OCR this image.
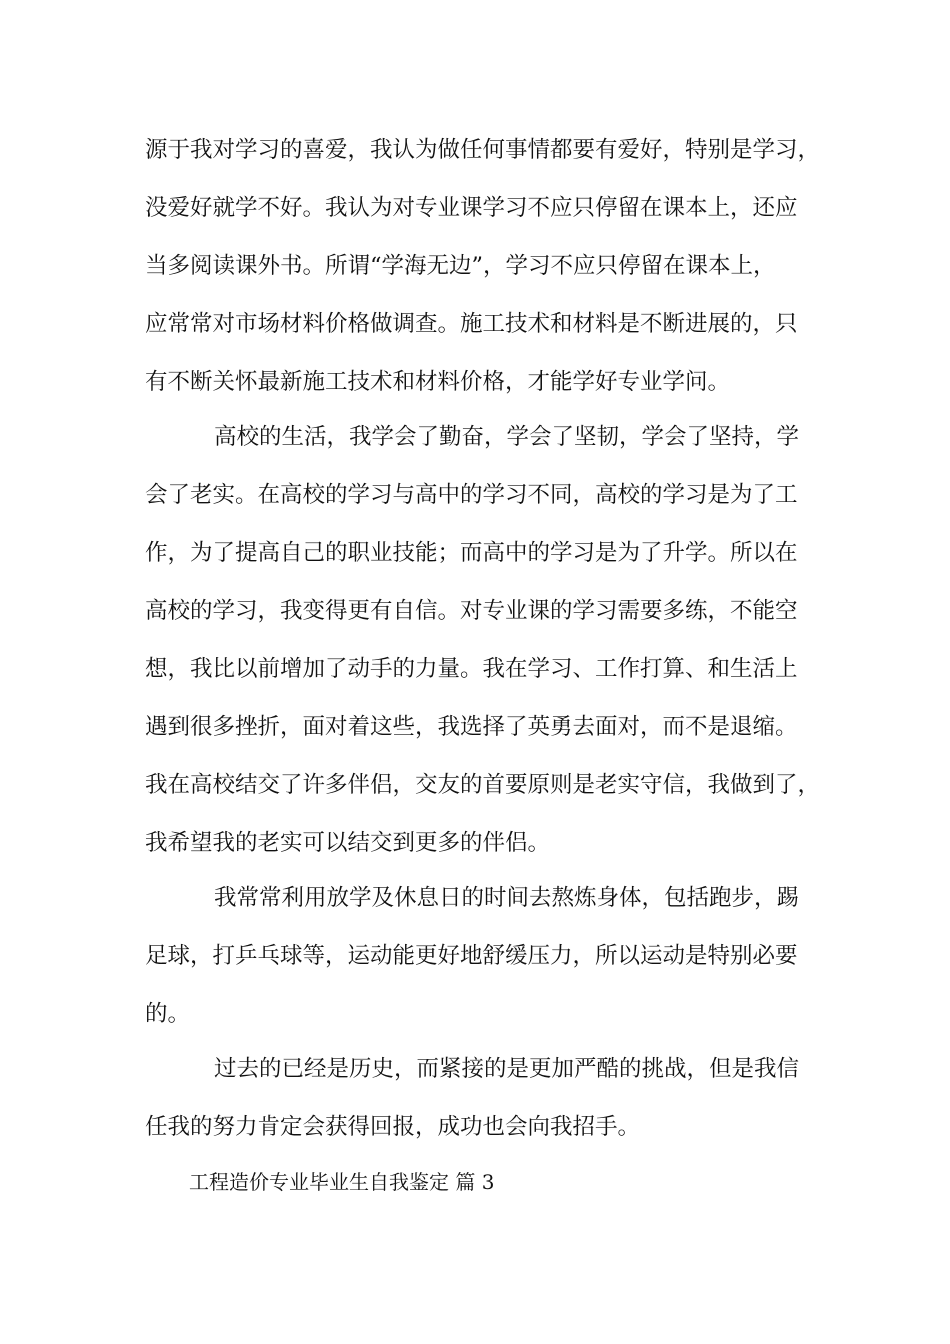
源于我对学习的喜爱，我认为做任何事情都要有爱好，特别是学习，
没爱好就学不好。我认为对专业课学习不应只停留在课本上，还应
当多阅读课外书。所谓“学海无边”，学习不应只停留在课本上，
应常常对市场材料价格做调查。施工技术和材料是不断进展的，只
有不断关怀最新施工技术和材料价格，才能学好专业学问。
高校的生活，我学会了勤奋，学会了坚韧，学会了坚持，学
会了老实。在高校的学习与高中的学习不同，高校的学习是为了工
作，为了提高自己的职业技能；而高中的学习是为了升学。所以在
高校的学习，我变得更有自信。对专业课的学习需要多练，不能空
想，我比以前增加了动手的力量。我在学习、工作打算、和生活上
遇到很多挫折，面对着这些，我选择了英勇去面对，而不是退缩。
我在高校结交了许多伴侣，交友的首要原则是老实守信，我做到了，
我希望我的老实可以结交到更多的伴侣。
我常常利用放学及休息日的时间去熬炼身体，包括跑步，踢
足球，打乒乓球等，运动能更好地舒缓压力，所以运动是特别必要
的。
过去的已经是历史，而紧接的是更加严酷的挑战，但是我信
任我的努力肯定会获得回报，成功也会向我招手。
工程造价专业毕业生自我鉴定 篇 3
